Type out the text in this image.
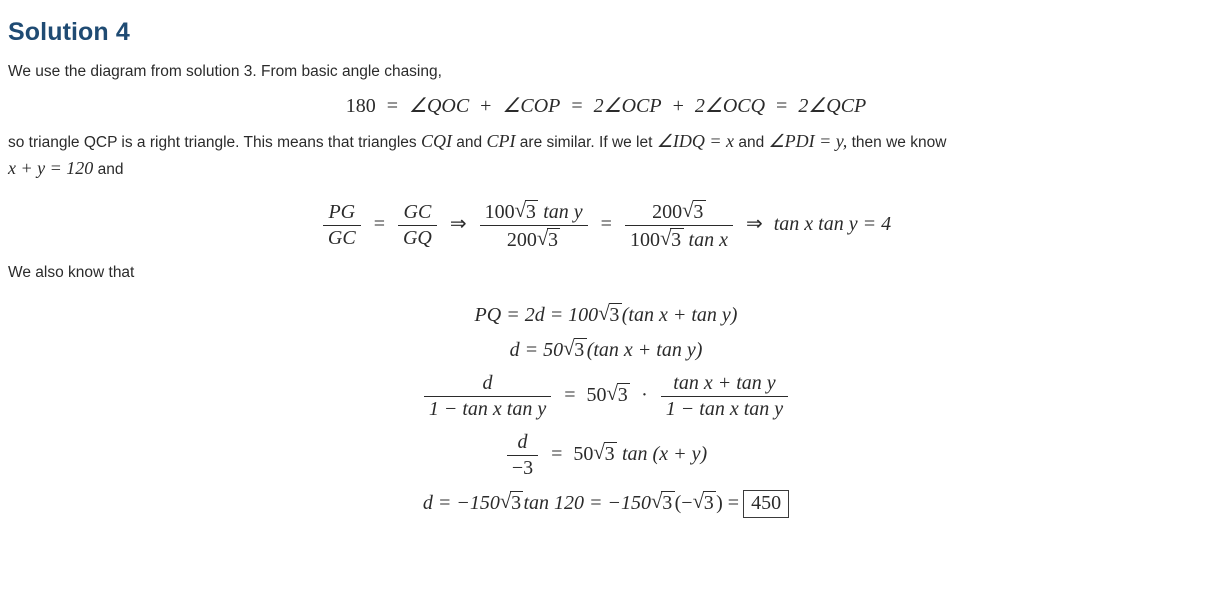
Solution 4

We use the diagram from solution 3. From basic angle chasing,

180 = ∠QOC + ∠COP = 2∠OCP + 2∠OCQ = 2∠QCP

so triangle QCP is a right triangle. This means that triangles CQI and CPI are similar. If we let ∠IDQ = x and ∠PDI = y, then we know
x + y = 120 and

$\frac{PG}{GC} = \frac{GC}{GQ}$ ⇒ $\frac{\text{100 √ 3 tan y}}{200 √ 3} = \frac{200 √ 3}{\text{100 √ 3 tan x}}$ ⇒ tan x tan y = 4

We also know that

PQ = 2d = 100 √ 3 (tan x + tan y)
d = 50 √ 3 (tan x + tan y)
$\frac{d}{\text{1 − tan x tan y}} = 50$ √ $3 \cdot \frac{\text{tan x + tan y}}{\text{1 − tan x tan y}}$
$\frac{d}{-3} = 50$ √ 3 tan (x + y)
d = −150 √ 3 tan 120 = −150 √ 3 (− √ 3 ) = 450
